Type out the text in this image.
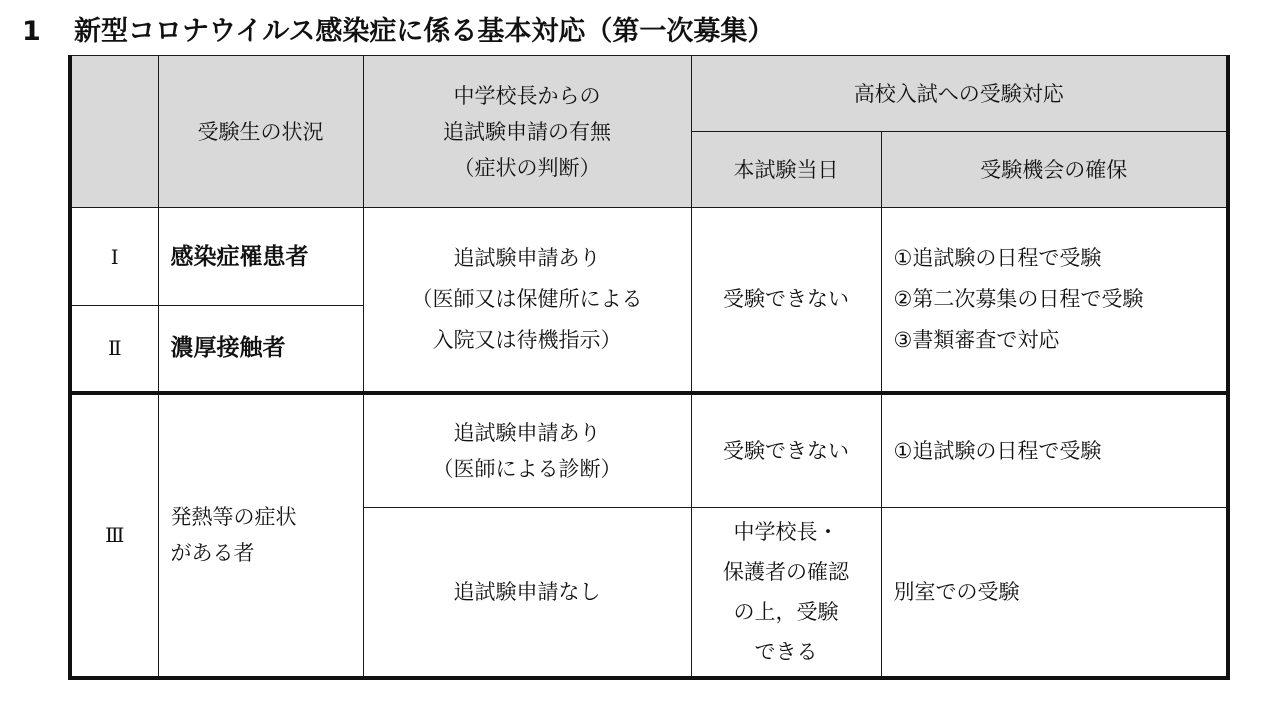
1 新型コロナウイルス感染症に係る基本対応（第一次募集）
	受験生の状況	中学校長からの
追試験申請の有無
（症状の判断）	高校入試への受験対応	
			本試験当日	受験機会の確保
Ⅰ	感染症罹患者	追試験申請あり
（医師又は保健所による
入院又は待機指示）	受験できない	①追試験の日程で受験
②第二次募集の日程で受験
③書類審査で対応

Ⅱ	濃厚接触者			
Ⅲ	発熱等の症状
がある者	追試験申請あり
（医師による診断）	受験できない	①追試験の日程で受験
		追試験申請なし	中学校長・
保護者の確認
の上，受験
できる	別室での受験
